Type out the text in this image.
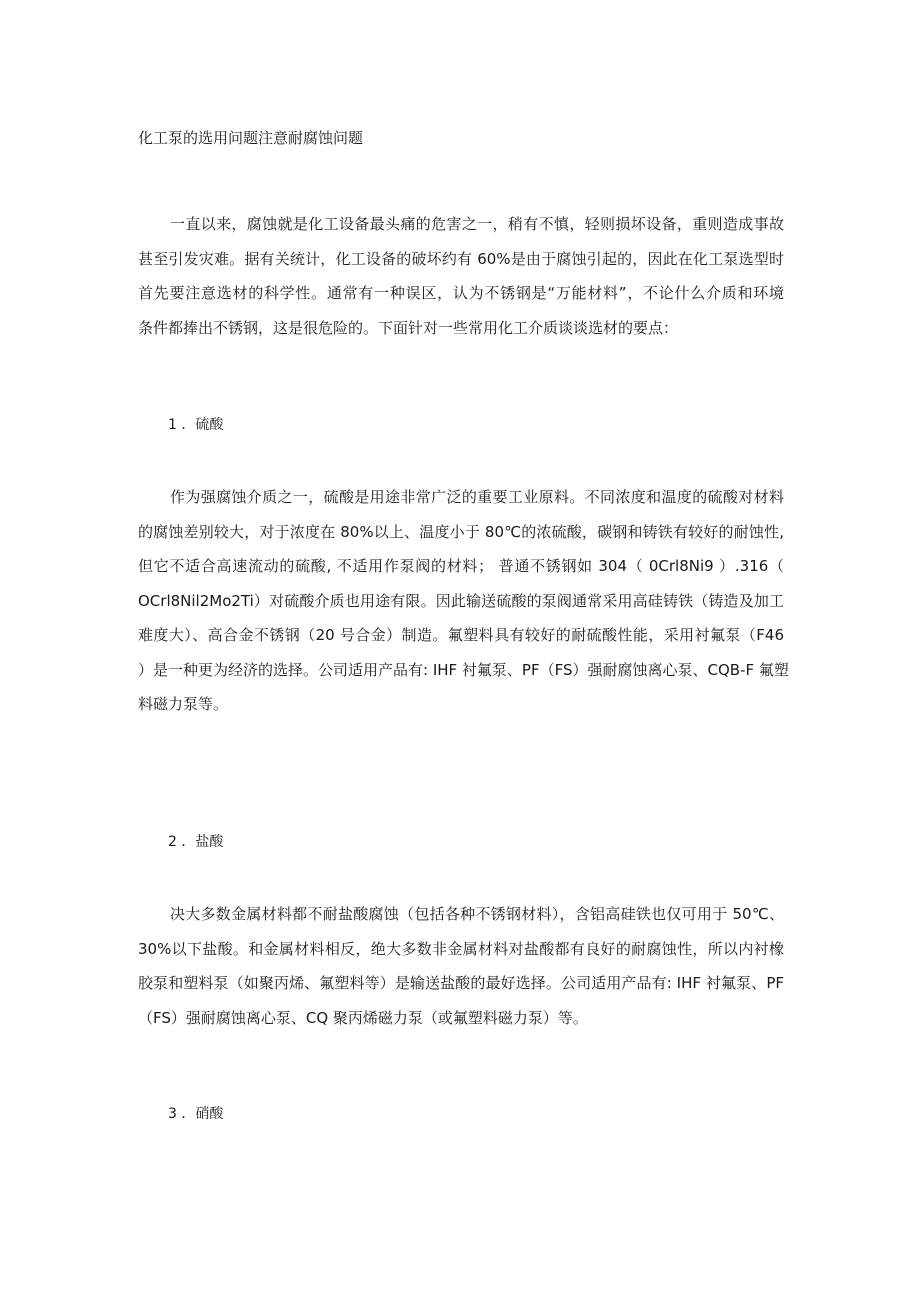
化工泵的选用问题注意耐腐蚀问题
一直以来，腐蚀就是化工设备最头痛的危害之一，稍有不慎，轻则损坏设备，重则造成事故
甚至引发灾难。据有关统计，化工设备的破坏约有 60%是由于腐蚀引起的，因此在化工泵选型时
首先要注意选材的科学性。通常有一种误区，认为不锈钢是“万能材料”，不论什么介质和环境
条件都捧出不锈钢，这是很危险的。下面针对一些常用化工介质谈谈选材的要点：
1 ．硫酸
作为强腐蚀介质之一，硫酸是用途非常广泛的重要工业原料。不同浓度和温度的硫酸对材料
的腐蚀差别较大，对于浓度在 80%以上、温度小于 80℃的浓硫酸，碳钢和铸铁有较好的耐蚀性,
但它不适合高速流动的硫酸, 不适用作泵阀的材料； 普通不锈钢如 304（ 0Crl8Ni9 ）.316（
OCrl8Nil2Mo2Ti）对硫酸介质也用途有限。因此输送硫酸的泵阀通常采用高硅铸铁（铸造及加工
难度大）、高合金不锈钢（20 号合金）制造。氟塑料具有较好的耐硫酸性能，采用衬氟泵（F46
）是一种更为经济的选择。公司适用产品有: IHF 衬氟泵、PF（FS）强耐腐蚀离心泵、CQB-F 氟塑
料磁力泵等。
2 ．盐酸
决大多数金属材料都不耐盐酸腐蚀（包括各种不锈钢材料），含铝高硅铁也仅可用于 50℃、
30%以下盐酸。和金属材料相反，绝大多数非金属材料对盐酸都有良好的耐腐蚀性，所以内衬橡
胶泵和塑料泵（如聚丙烯、氟塑料等）是输送盐酸的最好选择。公司适用产品有: IHF 衬氟泵、PF
（FS）强耐腐蚀离心泵、CQ 聚丙烯磁力泵（或氟塑料磁力泵）等。
3 ．硝酸
